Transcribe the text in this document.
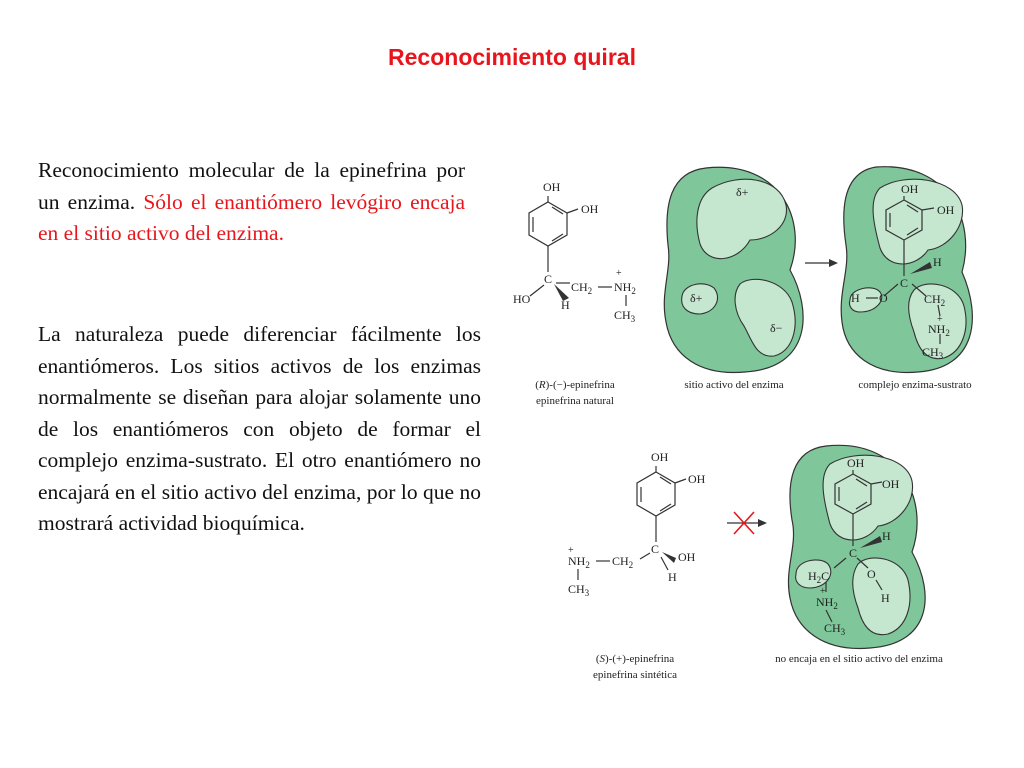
Reconocimiento quiral
Reconocimiento molecular de la epinefrina por un enzima. Sólo el enantiómero levógiro encaja en el sitio activo del enzima.
La naturaleza puede diferenciar fácilmente los enantiómeros. Los sitios activos de los enzimas normalmente se diseñan para alojar solamente uno de los enantiómeros con objeto de formar el complejo enzima-sustrato. El otro enantiómero no encajará en el sitio activo del enzima, por lo que no mostrará actividad bioquímica.
OH
OH
C
$CH_2$
+
$NH_2$
$CH_3$
HO	H
δ+
δ+
δ−
OH
OH
H
C
H O	$CH_2$
+
$NH_2$
$CH_3$
(R)-(−)-epinefrina
epinefrina natural
sitio activo del enzima	complejo enzima-sustrato
OH
OH
C
OH
H
$CH_2$
+
$NH_2$
$CH_3$
OH
OH
H
C
$H_2C$	O
H
+
$NH_2$
$CH_3$
(S)-(+)-epinefrina
epinefrina sintética
no encaja en el sitio activo del enzima
